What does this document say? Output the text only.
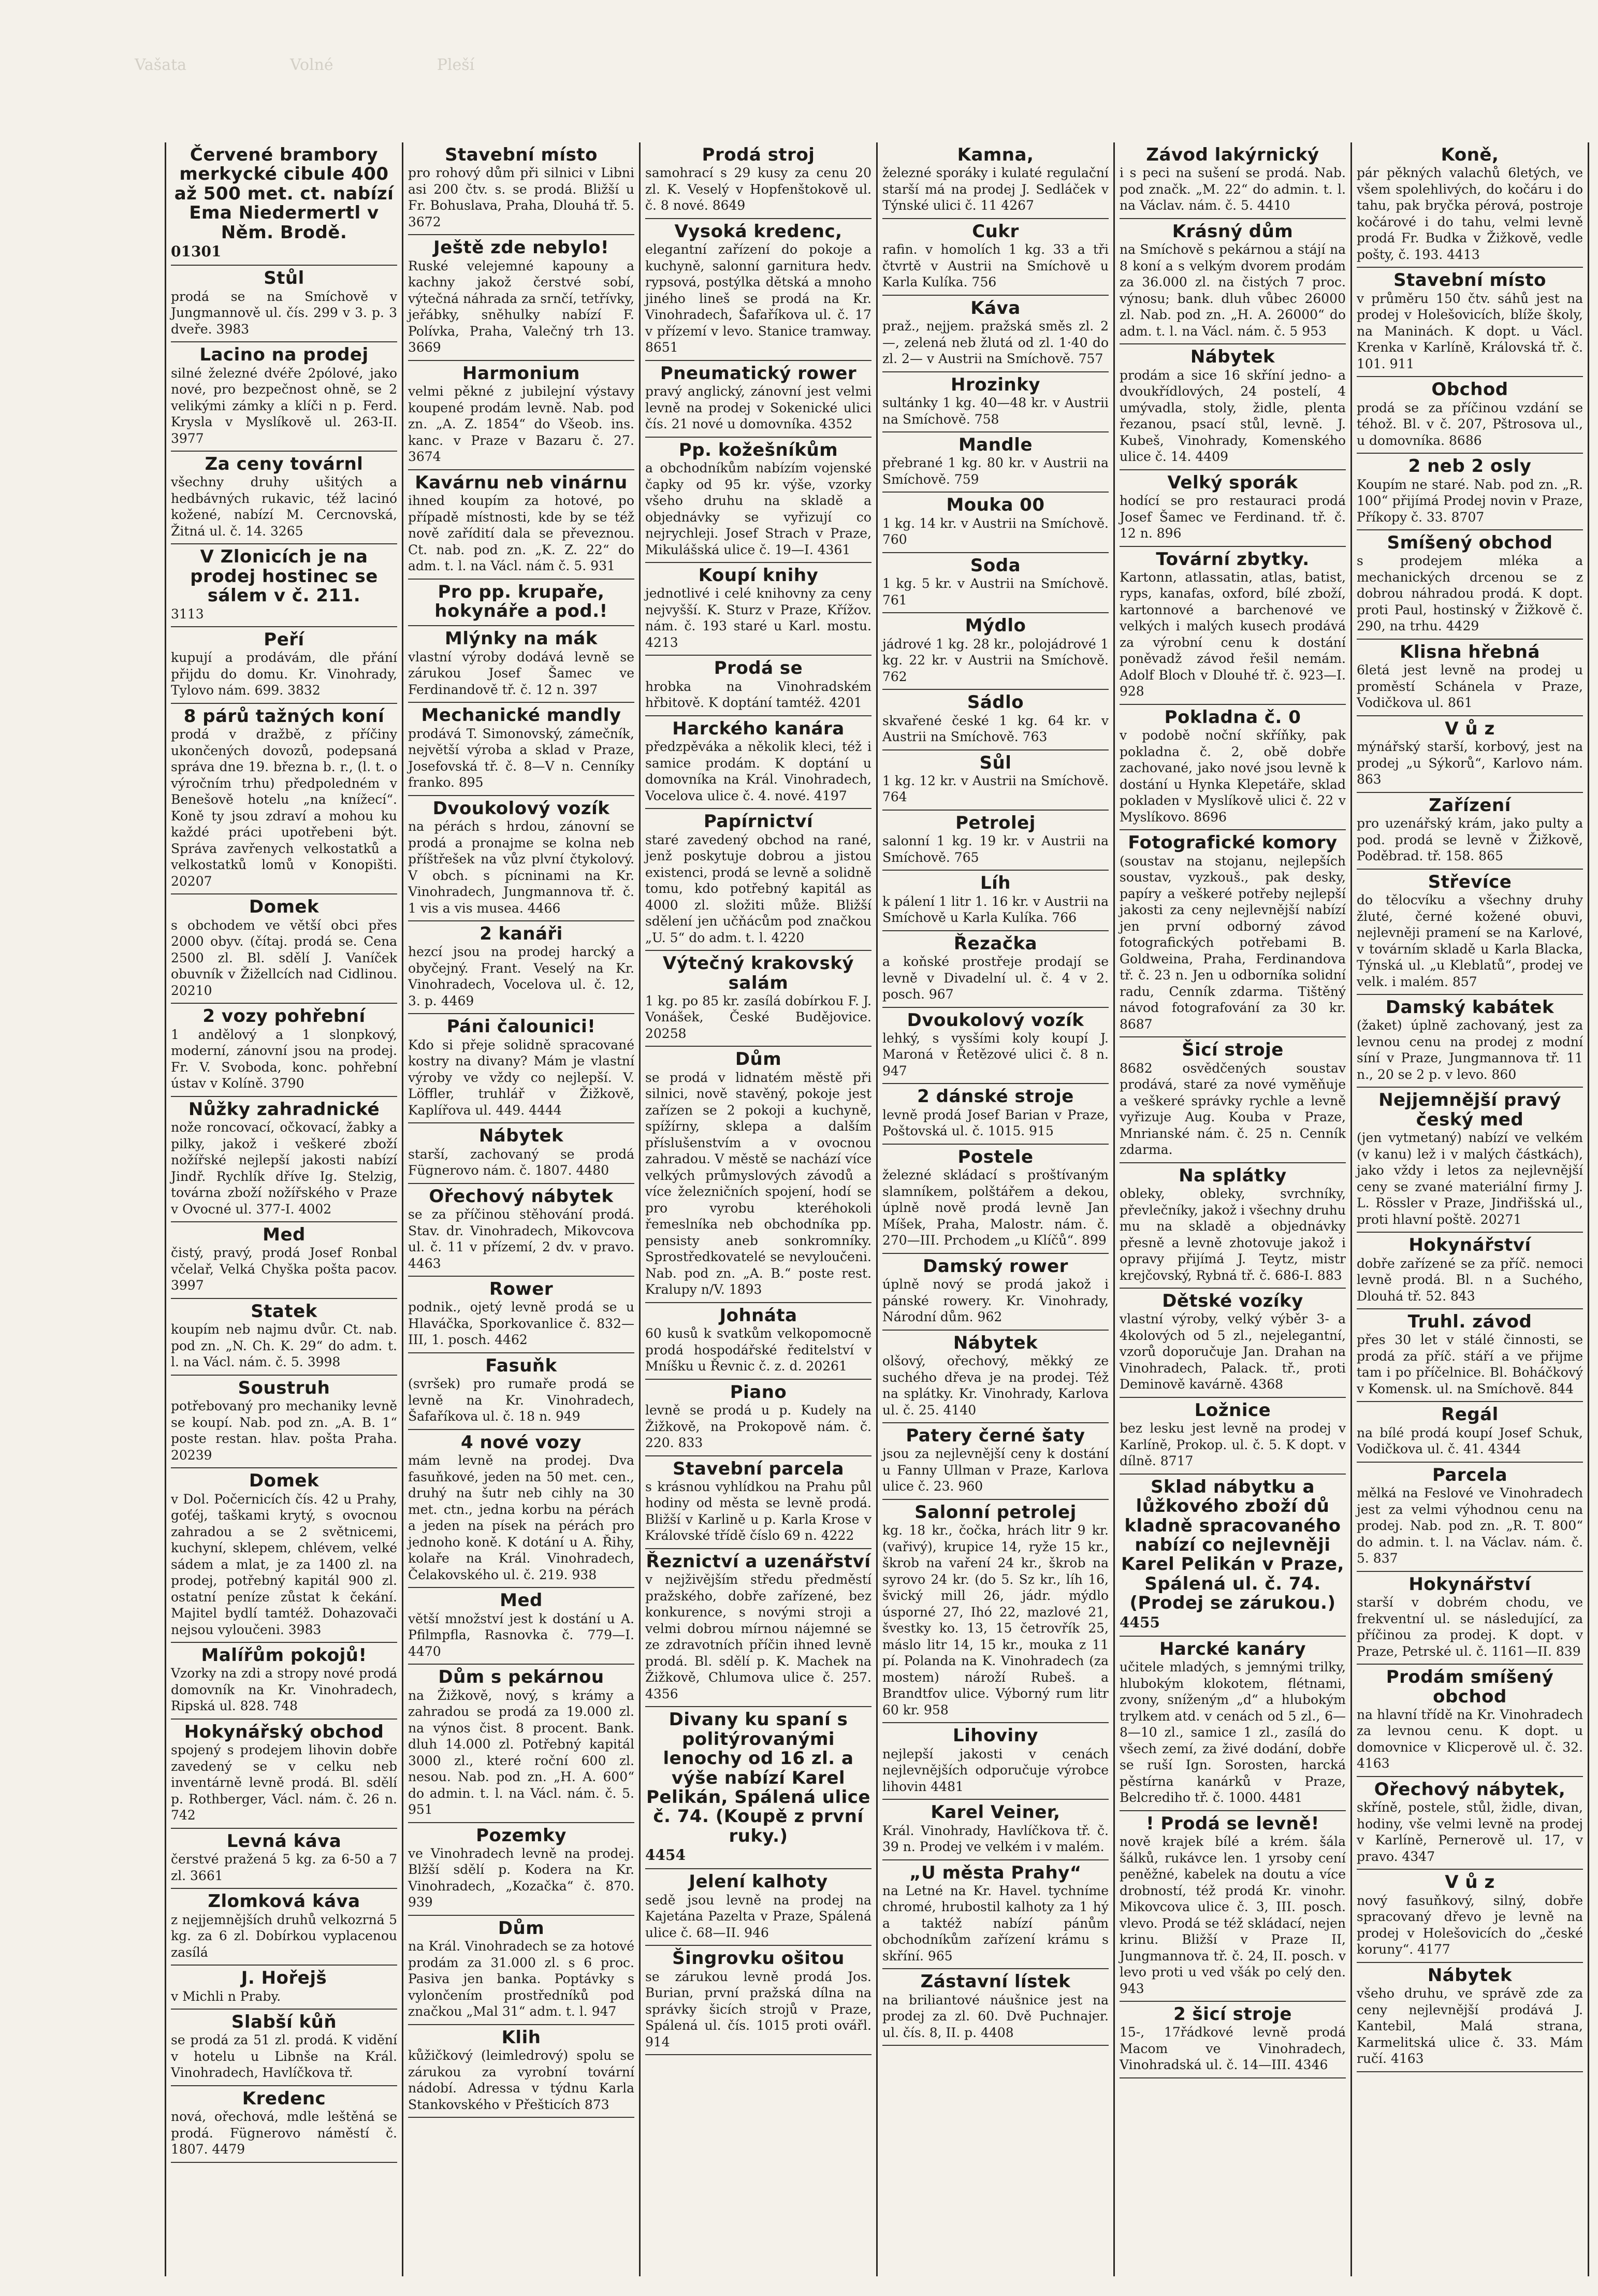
Vašata	Volné	Pleší
Červené brambory merkycké cibule 400 až 500 met. ct. nabízí Ema Niedermertl v Něm. Brodě.
01301
Stůl
prodá se na Smíchově v Jungmannově ul. čís. 299 v 3. p. 3 dveře. 3983
Lacino na prodej
silné železné dvéře 2pólové, jako nové, pro bezpečnost ohně, se 2 velikými zámky a klíči n p. Ferd. Krysla v Myslíkově ul. 263-II. 3977
Za ceny továrnl
všechny druhy ušitých a hedbávných rukavic, též lacinó kožené, nabízí M. Cercnovská, Žitná ul. č. 14. 3265
V Zlonicích je na prodej hostinec se sálem v č. 211.
3113
Peří
kupují a prodávám, dle přání přijdu do domu. Kr. Vinohrady, Tylovo nám. 699. 3832
8 párů tažných koní
prodá v dražbě, z příčiny ukončených dovozů, podepsaná správa dne 19. března b. r., (l. t. o výročním trhu) předpoledném v Benešově hotelu „na knížecí“. Koně ty jsou zdraví a mohou ku každé práci upotřebeni být. Správa zavřenych velkostatků a velkostatků lomů v Konopišti. 20207
Domek
s obchodem ve větší obci přes 2000 obyv. (čítaj. prodá se. Cena 2500 zl. Bl. sdělí J. Vaníček obuvník v Žižellcích nad Cidlinou. 20210
2 vozy pohřební
1 andělový a 1 slonpkový, moderní, zánovní jsou na prodej. Fr. V. Svoboda, konc. pohřební ústav v Kolíně. 3790
Nůžky zahradnické
nože roncovací, očkovací, žabky a pilky, jakož i veškeré zboží nožířské nejlepší jakosti nabízí Jindř. Rychlík dříve Ig. Stelzig, továrna zboží nožířského v Praze v Ovocné ul. 377-I. 4002
Med
čistý, pravý, prodá Josef Ronbal včelař, Velká Chyška pošta pacov. 3997
Statek
koupím neb najmu dvůr. Ct. nab. pod zn. „N. Ch. K. 29“ do adm. t. l. na Václ. nám. č. 5. 3998
Soustruh
potřebovaný pro mechaniky levně se koupí. Nab. pod zn. „A. B. 1“ poste restan. hlav. pošta Praha. 20239
Domek
v Dol. Počernicích čís. 42 u Prahy, goťéj, taškami krytý, s ovocnou zahradou a se 2 světnicemi, kuchyní, sklepem, chlévem, velké sádem a mlat, je za 1400 zl. na prodej, potřebný kapitál 900 zl. ostatní peníze zůstat k čekání. Majitel bydlí tamtéž. Dohazovači nejsou vyloučeni. 3983
Malířům pokojů!
Vzorky na zdi a stropy nové prodá domovník na Kr. Vinohradech, Ripská ul. 828. 748
Hokynářský obchod
spojený s prodejem lihovin dobře zavedený se v celku neb inventárně levně prodá. Bl. sdělí p. Rothberger, Václ. nám. č. 26 n. 742
Levná káva
čerstvé pražená 5 kg. za 6-50 a 7 zl. 3661
Zlomková káva
z nejjemnějších druhů velkozrná 5 kg. za 6 zl. Dobírkou vyplacenou zasílá
J. Hořejš
v Michli n Praby.
Slabší kůň
se prodá za 51 zl. prodá. K vidění v hotelu u Libnše na Král. Vinohradech, Havlíčkova tř.
Kredenc
nová, ořechová, mdle leštěná se prodá. Fügnerovo náměstí č. 1807. 4479
Stavební místo
pro rohový dům při silnici v Libni asi 200 čtv. s. se prodá. Bližší u Fr. Bohuslava, Praha, Dlouhá tř. 5. 3672
Ještě zde nebylo!
Ruské velejemné kapouny a kachny jakož čerstvé sobí, výtečná náhrada za srnčí, tetřívky, jeřábky, sněhulky nabízí F. Polívka, Praha, Valečný trh 13. 3669
Harmonium
velmi pěkné z jubilejní výstavy koupené prodám levně. Nab. pod zn. „A. Z. 1854“ do Všeob. ins. kanc. v Praze v Bazaru č. 27. 3674
Kavárnu neb vinárnu
ihned koupím za hotové, po případě místnosti, kde by se též nově zařídití dala se převeznou. Ct. nab. pod zn. „K. Z. 22“ do adm. t. l. na Václ. nám č. 5. 931
Pro pp. krupaře, hokynáře a pod.!
Mlýnky na mák
vlastní výroby dodává levně se zárukou Josef Šamec ve Ferdinandově tř. č. 12 n. 397
Mechanické mandly
prodává T. Simonovský, zámečník, největší výroba a sklad v Praze, Josefovská tř. č. 8—V n. Cenníky franko. 895
Dvoukolový vozík
na pérách s hrdou, zánovní se prodá a pronajme se kolna neb příštřešek na vůz plvní čtykolový. V obch. s pícninami na Kr. Vinohradech, Jungmannova tř. č. 1 vis a vis musea. 4466
2 kanáři
hezcí jsou na prodej harcký a obyčejný. Frant. Veselý na Kr. Vinohradech, Vocelova ul. č. 12, 3. p. 4469
Páni čalounici!
Kdo si přeje solidně spracované kostry na divany? Mám je vlastní výroby ve vždy co nejlepší. V. Löffler, truhlář v Žižkově, Kaplířova ul. 449. 4444
Nábytek
starší, zachovaný se prodá Fügnerovo nám. č. 1807. 4480
Ořechový nábytek
se za příčinou stěhování prodá. Stav. dr. Vinohradech, Mikovcova ul. č. 11 v přízemí, 2 dv. v pravo. 4463
Rower
podnik., ojetý levně prodá se u Hlaváčka, Sporkovanlice č. 832—III, 1. posch. 4462
Fasuňk
(svršek) pro rumaře prodá se levně na Kr. Vinohradech, Šafaříkova ul. č. 18 n. 949
4 nové vozy
mám levně na prodej. Dva fasuňkové, jeden na 50 met. cen., druhý na šutr neb cihly na 30 met. ctn., jedna korbu na pérách a jeden na písek na pérách pro jednoho koně. K dotání u A. Řihy, kolaře na Král. Vinohradech, Čelakovského ul. č. 219. 938
Med
větší množství jest k dostání u A. Pfilmpfla, Rasnovka č. 779—I. 4470
Dům s pekárnou
na Žižkově, nový, s krámy a zahradou se prodá za 19.000 zl. na výnos čist. 8 procent. Bank. dluh 14.000 zl. Potřebný kapitál 3000 zl., které roční 600 zl. nesou. Nab. pod zn. „H. A. 600“ do admin. t. l. na Václ. nám. č. 5. 951
Pozemky
ve Vinohradech levně na prodej. Blžší sdělí p. Kodera na Kr. Vinohradech, „Kozačka“ č. 870. 939
Dům
na Král. Vinohradech se za hotové prodám za 31.000 zl. s 6 proc. Pasiva jen banka. Poptávky s vylončením prostředníků pod značkou „Mal 31“ adm. t. l. 947
Klih
kůžičkový (leimledrový) spolu se zárukou za vyrobní tovární nádobí. Adressa v týdnu Karla Stankovského v Přešticích 873
Prodá stroj
samohrací s 29 kusy za cenu 20 zl. K. Veselý v Hopfenštokově ul. č. 8 nové. 8649
Vysoká kredenc,
elegantní zařízení do pokoje a kuchyně, salonní garnitura hedv. rypsová, postýlka dětská a mnoho jiného lineš se prodá na Kr. Vinohradech, Šafaříkova ul. č. 17 v přízemí v levo. Stanice tramway. 8651
Pneumatický rower
pravý anglický, zánovní jest velmi levně na prodej v Sokenické ulici čís. 21 nové u domovníka. 4352
Pp. kožešníkům
a obchodníkům nabízím vojenské čapky od 95 kr. výše, vzorky všeho druhu na skladě a objednávky se vyřizují co nejrychleji. Josef Strach v Praze, Mikulášská ulice č. 19—I. 4361
Koupí knihy
jednotlivé i celé knihovny za ceny nejvyšší. K. Sturz v Praze, Křížov. nám. č. 193 staré u Karl. mostu. 4213
Prodá se
hrobka na Vinohradském hřbitově. K doptání tamtéž. 4201
Harckého kanára
předzpěváka a několik kleci, též i samice prodám. K doptání u domovníka na Král. Vinohradech, Vocelova ulice č. 4. nové. 4197
Papírnictví
staré zavedený obchod na rané, jenž poskytuje dobrou a jistou existenci, prodá se levně a solidně tomu, kdo potřebný kapitál as 4000 zl. složiti může. Bližší sdělení jen učňácům pod značkou „U. 5“ do adm. t. l. 4220
Výtečný krakovský salám
1 kg. po 85 kr. zasílá dobírkou F. J. Vonášek, České Budějovice. 20258
Dům
se prodá v lidnatém městě při silnici, nově stavěný, pokoje jest zařízen se 2 pokoji a kuchyně, spížírny, sklepa a dalším příslušenstvím a v ovocnou zahradou. V městě se nachází více velkých průmyslových závodů a více železničních spojení, hodí se pro vyrobu kteréhokoli řemeslníka neb obchodníka pp. pensisty aneb sonkromníky. Sprostředkovatelé se nevyloučeni. Nab. pod zn. „A. B.“ poste rest. Kralupy n/V. 1893
Johnáta
60 kusů k svatkům velkopomocně prodá hospodářské ředitelství v Mníšku u Řevnic č. z. d. 20261
Piano
levně se prodá u p. Kudely na Žižkově, na Prokopově nám. č. 220. 833
Stavební parcela
s krásnou vyhlídkou na Prahu půl hodiny od města se levně prodá. Bližší v Karlině u p. Karla Krose v Královské třídě číslo 69 n. 4222
Řeznictví a uzenářství
v nejživějším středu předměstí pražského, dobře zařízené, bez konkurence, s novými stroji a velmi dobrou mírnou nájemné se ze zdravotních příčin ihned levně prodá. Bl. sdělí p. K. Machek na Žižkově, Chlumova ulice č. 257. 4356
Divany ku spaní s politýrovanými lenochy od 16 zl. a výše nabízí Karel Pelikán, Spálená ulice č. 74. (Koupě z první ruky.)
4454
Jelení kalhoty
sedě jsou levně na prodej na Kajetána Pazelta v Praze, Spálená ulice č. 68—II. 946
Šingrovku ošitou
se zárukou levně prodá Jos. Burian, první pražská dílna na správky šicích strojů v Praze, Spálená ul. čís. 1015 proti ovářl. 914
Kamna,
železné sporáky i kulaté regulační starší má na prodej J. Sedláček v Týnské ulici č. 11 4267
Cukr
rafin. v homolích 1 kg. 33 a tři čtvrtě v Austrii na Smíchově u Karla Kulíka. 756
Káva
praž., nejjem. pražská směs zl. 2—, zelená neb žlutá od zl. 1·40 do zl. 2— v Austrii na Smíchově. 757
Hrozinky
sultánky 1 kg. 40—48 kr. v Austrii na Smíchově. 758
Mandle
přebrané 1 kg. 80 kr. v Austrii na Smíchově. 759
Mouka 00
1 kg. 14 kr. v Austrii na Smíchově. 760
Soda
1 kg. 5 kr. v Austrii na Smíchově. 761
Mýdlo
jádrové 1 kg. 28 kr., polojádrové 1 kg. 22 kr. v Austrii na Smíchově. 762
Sádlo
skvařené české 1 kg. 64 kr. v Austrii na Smíchově. 763
Sůl
1 kg. 12 kr. v Austrii na Smíchově. 764
Petrolej
salonní 1 kg. 19 kr. v Austrii na Smíchově. 765
Líh
k pálení 1 litr 1. 16 kr. v Austrii na Smíchově u Karla Kulíka. 766
Řezačka
a koňské prostřeje prodají se levně v Divadelní ul. č. 4 v 2. posch. 967
Dvoukolový vozík
lehký, s vysšími koly koupí J. Maroná v Řetězové ulici č. 8 n. 947
2 dánské stroje
levně prodá Josef Barian v Praze, Poštovská ul. č. 1015. 915
Postele
železné skládací s proštívaným slamníkem, polštářem a dekou, úplně nově prodá levně Jan Míšek, Praha, Malostr. nám. č. 270—III. Prchodem „u Klíčů“. 899
Damský rower
úplně nový se prodá jakož i pánské rowery. Kr. Vinohrady, Národní dům. 962
Nábytek
olšový, ořechový, měkký ze suchého dřeva je na prodej. Též na splátky. Kr. Vinohrady, Karlova ul. č. 25. 4140
Patery černé šaty
jsou za nejlevnější ceny k dostání u Fanny Ullman v Praze, Karlova ulice č. 23. 960
Salonní petrolej
kg. 18 kr., čočka, hrách litr 9 kr. (vařivý), krupice 14, ryže 15 kr., škrob na vaření 24 kr., škrob na syrovo 24 kr. (do 5. Sz kr., líh 16, švický mill 26, jádr. mýdlo úsporné 27, Ihó 22, mazlové 21, švestky ko. 13, 15 četrovřík 25, máslo litr 14, 15 kr., mouka z 11 pí. Polanda na K. Vinohradech (za mostem) nároží Rubeš. a Brandtfov ulice. Výborný rum litr 60 kr. 958
Lihoviny
nejlepší jakosti v cenách nejlevnějších odporučuje výrobce lihovin 4481
Karel Veiner,
Král. Vinohrady, Havlíčkova tř. č. 39 n. Prodej ve velkém i v malém.
„U města Prahy“
na Letné na Kr. Havel. tychníme chromé, hrubostil kalhoty za 1 hý a taktéž nabízí pánům obchodníkům zařízení krámu s skříní. 965
Zástavní lístek
na briliantové náušnice jest na prodej za zl. 60. Dvě Puchnajer. ul. čís. 8, II. p. 4408
Závod lakýrnický
i s peci na sušení se prodá. Nab. pod značk. „M. 22“ do admin. t. l. na Václav. nám. č. 5. 4410
Krásný dům
na Smíchově s pekárnou a stájí na 8 koní a s velkým dvorem prodám za 36.000 zl. na čistých 7 proc. výnosu; bank. dluh vůbec 26000 zl. Nab. pod zn. „H. A. 26000“ do adm. t. l. na Václ. nám. č. 5 953
Nábytek
prodám a sice 16 skříní jedno- a dvoukřídlových, 24 postelí, 4 umývadla, stoly, židle, plenta řezanou, psací stůl, levně. J. Kubeš, Vinohrady, Komenského ulice č. 14. 4409
Velký sporák
hodící se pro restauraci prodá Josef Šamec ve Ferdinand. tř. č. 12 n. 896
Tovární zbytky.
Kartonn, atlassatin, atlas, batist, ryps, kanafas, oxford, bílé zboží, kartonnové a barchenové ve velkých i malých kusech prodává za výrobní cenu k dostání poněvadž závod řešil nemám. Adolf Bloch v Dlouhé tř. č. 923—I. 928
Pokladna č. 0
v podobě noční skříňky, pak pokladna č. 2, obě dobře zachované, jako nové jsou levně k dostání u Hynka Klepetáře, sklad pokladen v Myslíkově ulici č. 22 v Myslíkovo. 8696
Fotografické komory
(soustav na stojanu, nejlepších soustav, vyzkouš., pak desky, papíry a veškeré potřeby nejlepší jakosti za ceny nejlevnější nabízí jen první odborný závod fotografických potřebami B. Goldweina, Praha, Ferdinandova tř. č. 23 n. Jen u odborníka solidní radu, Cenník zdarma. Tištěný návod fotografování za 30 kr. 8687
Šicí stroje
8682 osvědčených soustav prodává, staré za nové vyměňuje a veškeré správky rychle a levně vyřizuje Aug. Kouba v Praze, Mnrianské nám. č. 25 n. Cenník zdarma.
Na splátky
obleky, obleky, svrchníky, převlečníky, jakož i všechny druhu mu na skladě a objednávky přesně a levně zhotovuje jakož i opravy přijímá J. Teytz, mistr krejčovský, Rybná tř. č. 686-I. 883
Dětské vozíky
vlastní výroby, velký výběr 3- a 4kolových od 5 zl., nejelegantní, vzorů doporučuje Jan. Drahan na Vinohradech, Palack. tř., proti Deminově kavárně. 4368
Ložnice
bez lesku jest levně na prodej v Karlíně, Prokop. ul. č. 5. K dopt. v dílně. 8717
Sklad nábytku a lůžkového zboží dů kladně spracovaného nabízí co nejlevněji Karel Pelikán v Praze, Spálená ul. č. 74. (Prodej se zárukou.)
4455
Harcké kanáry
učitele mladých, s jemnými trilky, hlubokým klokotem, flétnami, zvony, sníženým „d“ a hlubokým trylkem atd. v cenách od 5 zl., 6—8—10 zl., samice 1 zl., zasílá do všech zemí, za živé dodání, dobře se ruší Ign. Sorosten, harcká pěstírna kanárků v Praze, Belcrediho tř. č. 1000. 4481
! Prodá se levně!
nově krajek bílé a krém. šála šálků, rukávce len. 1 yrsoby cení peněžné, kabelek na doutu a více drobností, též prodá Kr. vinohr. Mikovcova ulice č. 3, III. posch. vlevo. Prodá se též skládací, nejen krinu. Bližší v Praze II, Jungmannova tř. č. 24, II. posch. v levo proti u ved všák po celý den. 943
2 šicí stroje
15-, 17řádkové levně prodá Macom ve Vinohradech, Vinohradská ul. č. 14—III. 4346
Koně,
pár pěkných valachů 6letých, ve všem spolehlivých, do kočáru i do tahu, pak bryčka pérová, postroje kočárové i do tahu, velmi levně prodá Fr. Budka v Žižkově, vedle pošty, č. 193. 4413
Stavební místo
v průměru 150 čtv. sáhů jest na prodej v Holešovicích, blíže školy, na Maninách. K dopt. u Václ. Krenka v Karlíně, Královská tř. č. 101. 911
Obchod
prodá se za příčinou vzdání se téhož. Bl. v č. 207, Pštrosova ul., u domovníka. 8686
2 neb 2 osly
Koupím ne staré. Nab. pod zn. „R. 100“ přijímá Prodej novin v Praze, Příkopy č. 33. 8707
Smíšený obchod
s prodejem mléka a mechanických drcenou se z dobrou náhradou prodá. K dopt. proti Paul, hostinský v Žižkově č. 290, na trhu. 4429
Klisna hřebná
6letá jest levně na prodej u proměstí Schánela v Praze, Vodičkova ul. 861
V ů z
mýnářský starší, korbový, jest na prodej „u Sýkorů“, Karlovo nám. 863
Zařízení
pro uzenářský krám, jako pulty a pod. prodá se levně v Žižkově, Poděbrad. tř. 158. 865
Střevíce
do tělocvíku a všechny druhy žluté, černé kožené obuvi, nejlevněji pramení se na Karlové, v továrním skladě u Karla Blacka, Týnská ul. „u Kleblatů“, prodej ve velk. i malém. 857
Damský kabátek
(žaket) úplně zachovaný, jest za levnou cenu na prodej z modní síní v Praze, Jungmannova tř. 11 n., 20 se 2 p. v levo. 860
Nejjemnější pravý český med
(jen vytmetaný) nabízí ve velkém (v kanu) lež i v malých částkách), jako vždy i letos za nejlevnější ceny se zvané materiální firmy J. L. Rössler v Praze, Jindřišská ul., proti hlavní poště. 20271
Hokynářství
dobře zařízené se za příč. nemoci levně prodá. Bl. n a Suchého, Dlouhá tř. 52. 843
Truhl. závod
přes 30 let v stálé činnosti, se prodá za příč. stáří a ve přijme tam i po příčelnice. Bl. Boháčkový v Komensk. ul. na Smíchově. 844
Regál
na bílé prodá koupí Josef Schuk, Vodičkova ul. č. 41. 4344
Parcela
mělká na Feslové ve Vinohradech jest za velmi výhodnou cenu na prodej. Nab. pod zn. „R. T. 800“ do admin. t. l. na Václav. nám. č. 5. 837
Hokynářství
starší v dobrém chodu, ve frekventní ul. se následující, za příčinou za prodej. K dopt. v Praze, Petrské ul. č. 1161—II. 839
Prodám smíšený obchod
na hlavní třídě na Kr. Vinohradech za levnou cenu. K dopt. u domovnice v Klicperově ul. č. 32. 4163
Ořechový nábytek,
skříně, postele, stůl, židle, divan, hodiny, vše velmi levně na prodej v Karlíně, Pernerově ul. 17, v pravo. 4347
V ů z
nový fasuňkový, silný, dobře spracovaný dřevo je levně na prodej v Holešovicích do „české koruny“. 4177
Nábytek
všeho druhu, ve správě zde za ceny nejlevnější prodává J. Kantebil, Malá strana, Karmelitská ulice č. 33. Mám ručí. 4163
